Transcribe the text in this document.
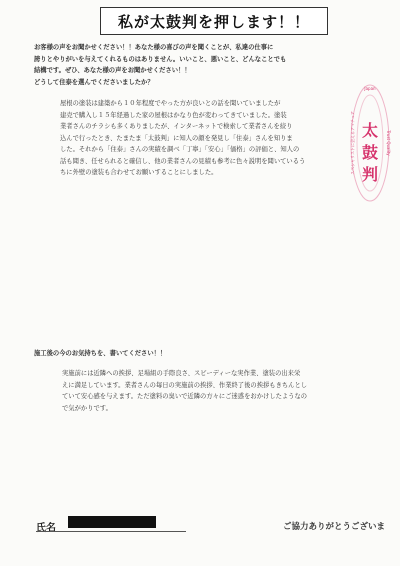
私が太鼓判を押します！！
お客様の声をお聞かせください！！あなた様の喜びの声を聞くことが、私達の仕事に
誇りとやりがいを与えてくれるものはありません。いいこと、悪いこと、どんなことでも
結構です。ぜひ、あなた様の声をお聞かせください！！
どうして住泰を選んでくださいましたか？
屋根の塗装は建築から１０年程度でやった方が良いとの話を聞いていましたが
建売で購入し１５年経過した家の屋根はかなり色が変わってきていました。塗装
業者さんのチラシも多くありましたが、インターネットで検索して業者さんを絞り
込んで行ったとき、たまたま「太鼓判」に知人の顔を発見し「住泰」さんを知りま
した。それから「住泰」さんの実績を調べ「丁寧」「安心」「価格」の評価と、知人の
話も聞き、任せられると確信し、他の業者さんの見積も参考に色々説明を聞いているう
ちに外壁の塗装も合わせてお願いすることにしました。
太
鼓
判
Japan
スペシャリストに会えるアマチュア	Trust Quality
施工後の今のお気持ちを、書いてください！！
実施前には近隣への挨拶、足場組の手際良さ、スピーディーな実作業、塗装の出来栄
えに満足しています。業者さんの毎日の実施前の挨拶、作業終了後の挨拶もきちんとし
ていて安心感を与えます。ただ塗料の臭いで近隣の方々にご迷惑をおかけしたようなの
で気がかりです。
氏名	ご協力ありがとうございま
